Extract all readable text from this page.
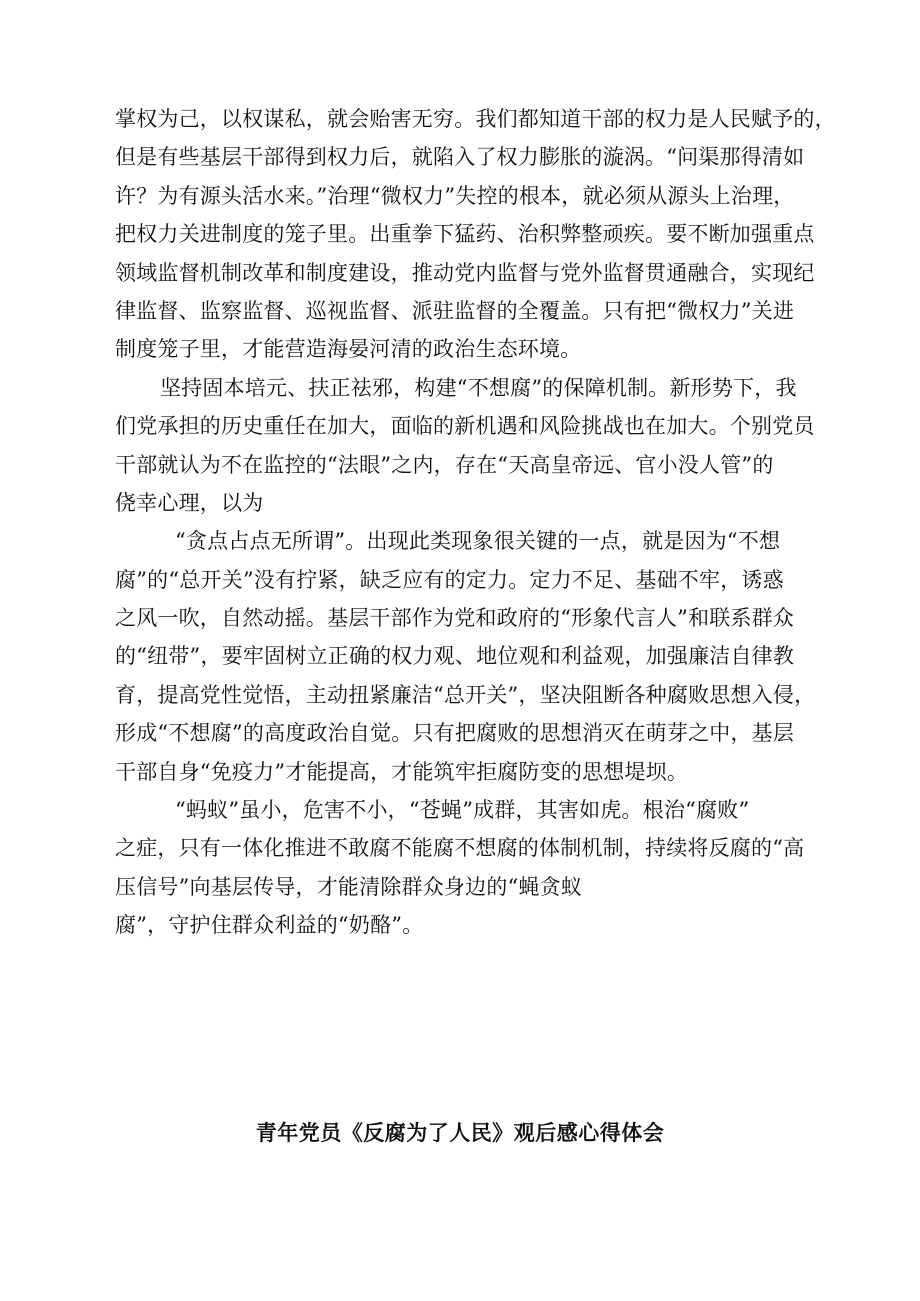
掌权为己，以权谋私，就会贻害无穷。我们都知道干部的权力是人民赋予的，
但是有些基层干部得到权力后，就陷入了权力膨胀的漩涡。“问渠那得清如
许？为有源头活水来。”治理“微权力”失控的根本，就必须从源头上治理，
把权力关进制度的笼子里。出重拳下猛药、治积弊整顽疾。要不断加强重点
领域监督机制改革和制度建设，推动党内监督与党外监督贯通融合，实现纪
律监督、监察监督、巡视监督、派驻监督的全覆盖。只有把“微权力”关进
制度笼子里，才能营造海晏河清的政治生态环境。
坚持固本培元、扶正祛邪，构建“不想腐”的保障机制。新形势下，我
们党承担的历史重任在加大，面临的新机遇和风险挑战也在加大。个别党员
干部就认为不在监控的“法眼”之内，存在“天高皇帝远、官小没人管”的
侥幸心理，以为
“贪点占点无所谓”。出现此类现象很关键的一点，就是因为“不想
腐”的“总开关”没有拧紧，缺乏应有的定力。定力不足、基础不牢，诱惑
之风一吹，自然动摇。基层干部作为党和政府的“形象代言人”和联系群众
的“纽带”，要牢固树立正确的权力观、地位观和利益观，加强廉洁自律教
育，提高党性觉悟，主动扭紧廉洁“总开关”，坚决阻断各种腐败思想入侵，
形成“不想腐”的高度政治自觉。只有把腐败的思想消灭在萌芽之中，基层
干部自身“免疫力”才能提高，才能筑牢拒腐防变的思想堤坝。
“蚂蚁”虽小，危害不小，“苍蝇”成群，其害如虎。根治“腐败”
之症，只有一体化推进不敢腐不能腐不想腐的体制机制，持续将反腐的“高
压信号”向基层传导，才能清除群众身边的“蝇贪蚁
腐”，守护住群众利益的“奶酪”。
青年党员《反腐为了人民》观后感心得体会
